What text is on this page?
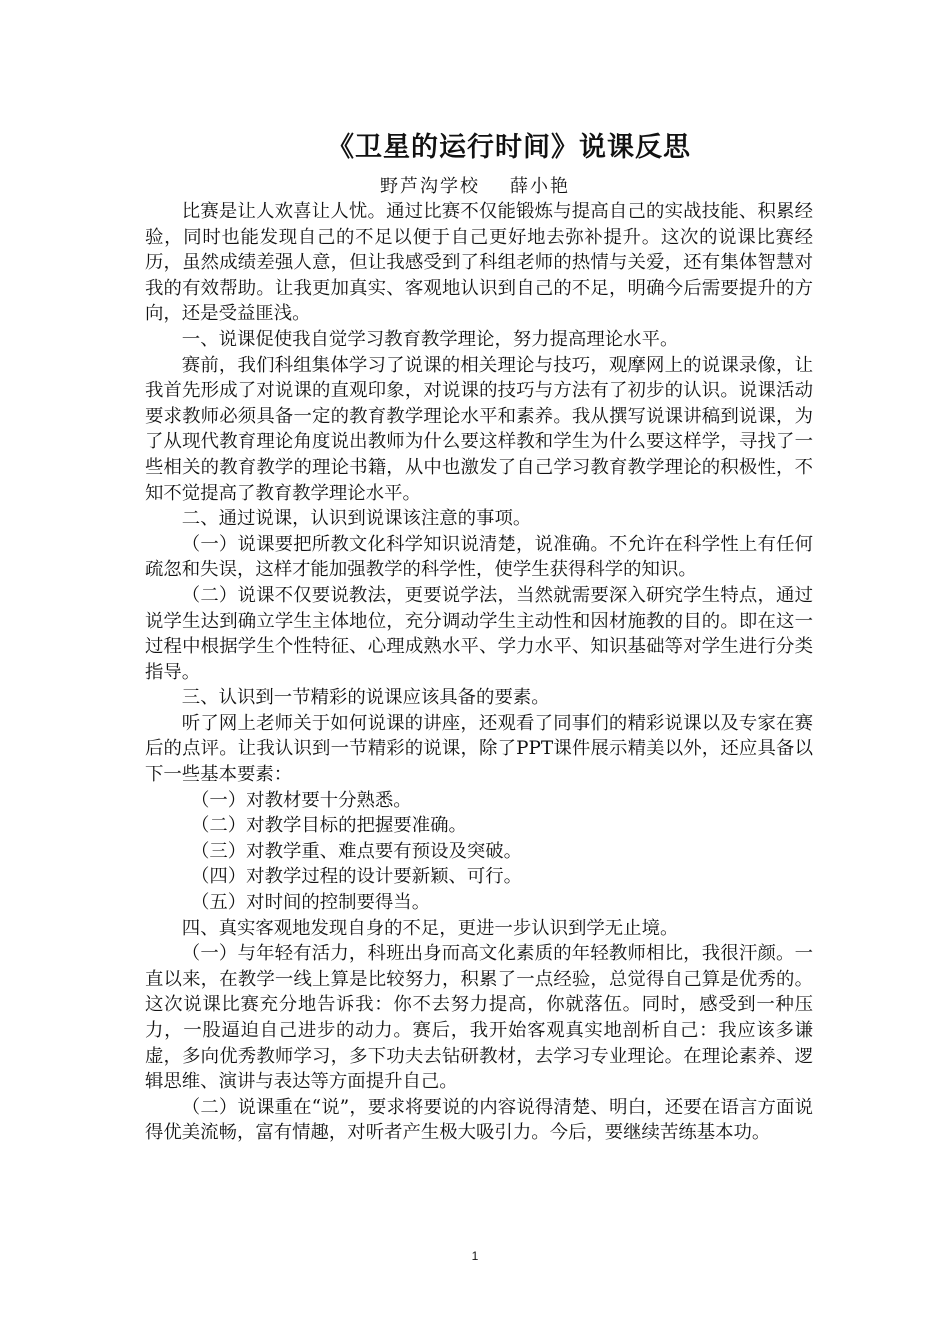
《卫星的运行时间》说课反思

野芦沟学校 薛小艳

比赛是让人欢喜让人忧。通过比赛不仅能锻炼与提高自己的实战技能、积累经验，同时也能发现自己的不足以便于自己更好地去弥补提升。这次的说课比赛经历，虽然成绩差强人意，但让我感受到了科组老师的热情与关爱，还有集体智慧对我的有效帮助。让我更加真实、客观地认识到自己的不足，明确今后需要提升的方向，还是受益匪浅。

一、说课促使我自觉学习教育教学理论，努力提高理论水平。

赛前，我们科组集体学习了说课的相关理论与技巧，观摩网上的说课录像，让我首先形成了对说课的直观印象，对说课的技巧与方法有了初步的认识。说课活动要求教师必须具备一定的教育教学理论水平和素养。我从撰写说课讲稿到说课，为了从现代教育理论角度说出教师为什么要这样教和学生为什么要这样学，寻找了一些相关的教育教学的理论书籍，从中也激发了自己学习教育教学理论的积极性，不知不觉提高了教育教学理论水平。

二、通过说课，认识到说课该注意的事项。

（一）说课要把所教文化科学知识说清楚，说准确。不允许在科学性上有任何疏忽和失误，这样才能加强教学的科学性，使学生获得科学的知识。

（二）说课不仅要说教法，更要说学法，当然就需要深入研究学生特点，通过说学生达到确立学生主体地位，充分调动学生主动性和因材施教的目的。即在这一过程中根据学生个性特征、心理成熟水平、学力水平、知识基础等对学生进行分类指导。

三、认识到一节精彩的说课应该具备的要素。

听了网上老师关于如何说课的讲座，还观看了同事们的精彩说课以及专家在赛后的点评。让我认识到一节精彩的说课，除了PPT课件展示精美以外，还应具备以下一些基本要素：

（一）对教材要十分熟悉。

（二）对教学目标的把握要准确。

（三）对教学重、难点要有预设及突破。

（四）对教学过程的设计要新颖、可行。

（五）对时间的控制要得当。

四、真实客观地发现自身的不足，更进一步认识到学无止境。

（一）与年轻有活力，科班出身而高文化素质的年轻教师相比，我很汗颜。一直以来，在教学一线上算是比较努力，积累了一点经验，总觉得自己算是优秀的。这次说课比赛充分地告诉我：你不去努力提高，你就落伍。同时，感受到一种压力，一股逼迫自己进步的动力。赛后，我开始客观真实地剖析自己：我应该多谦虚，多向优秀教师学习，多下功夫去钻研教材，去学习专业理论。在理论素养、逻辑思维、演讲与表达等方面提升自己。

（二）说课重在“说”，要求将要说的内容说得清楚、明白，还要在语言方面说得优美流畅，富有情趣，对听者产生极大吸引力。今后，要继续苦练基本功。

1
